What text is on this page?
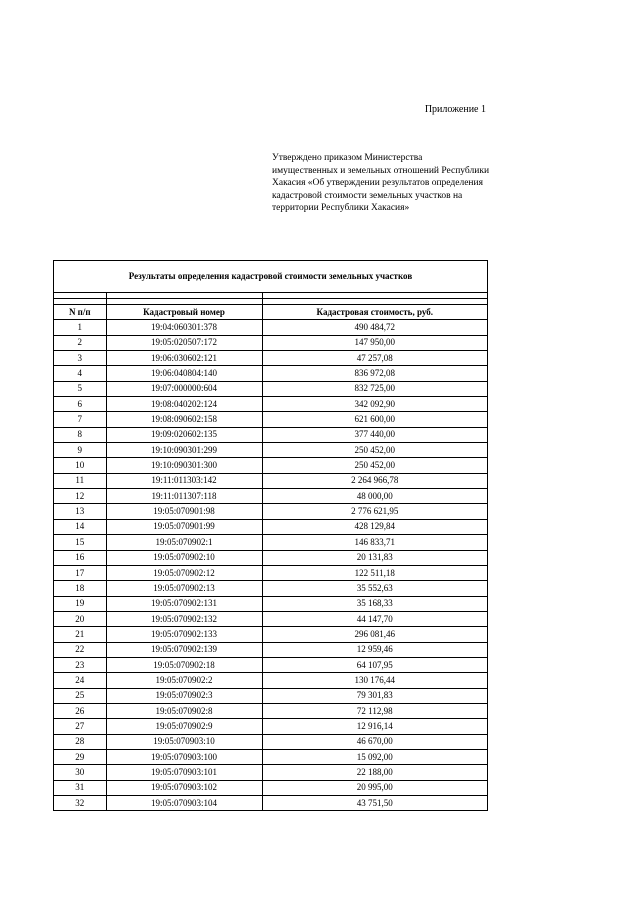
Приложение 1
Утверждено приказом Министерства имущественных и земельных отношений Республики Хакасия «Об утверждении результатов определения кадастровой стоимости земельных участков на территории Республики Хакасия»
Результаты определения кадастровой стоимости земельных участков

N п/п	Кадастровый номер	Кадастровая стоимость, руб.
1	19:04:060301:378	490 484,72
2	19:05:020507:172	147 950,00
3	19:06:030602:121	47 257,08
4	19:06:040804:140	836 972,08
5	19:07:000000:604	832 725,00
6	19:08:040202:124	342 092,90
7	19:08:090602:158	621 600,00
8	19:09:020602:135	377 440,00
9	19:10:090301:299	250 452,00
10	19:10:090301:300	250 452,00
11	19:11:011303:142	2 264 966,78
12	19:11:011307:118	48 000,00
13	19:05:070901:98	2 776 621,95
14	19:05:070901:99	428 129,84
15	19:05:070902:1	146 833,71
16	19:05:070902:10	20 131,83
17	19:05:070902:12	122 511,18
18	19:05:070902:13	35 552,63
19	19:05:070902:131	35 168,33
20	19:05:070902:132	44 147,70
21	19:05:070902:133	296 081,46
22	19:05:070902:139	12 959,46
23	19:05:070902:18	64 107,95
24	19:05:070902:2	130 176,44
25	19:05:070902:3	79 301,83
26	19:05:070902:8	72 112,98
27	19:05:070902:9	12 916,14
28	19:05:070903:10	46 670,00
29	19:05:070903:100	15 092,00
30	19:05:070903:101	22 188,00
31	19:05:070903:102	20 995,00
32	19:05:070903:104	43 751,50
